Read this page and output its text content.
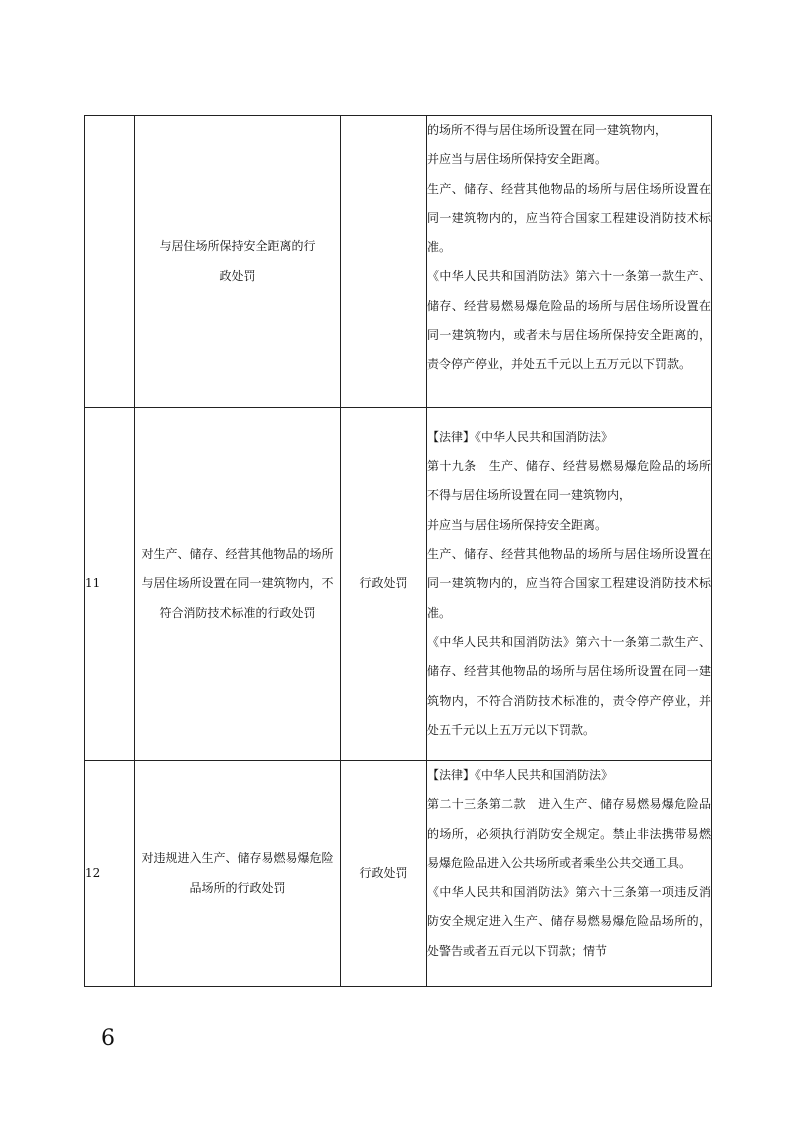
	与居住场所保持安全距离的行政处罚		的场所不得与居住场所设置在同一建筑物内，

并应当与居住场所保持安全距离。

生产、储存、经营其他物品的场所与居住场所设置在同一建筑物内的，应当符合国家工程建设消防技术标准。

《中华人民共和国消防法》第六十一条第一款生产、储存、经营易燃易爆危险品的场所与居住场所设置在同一建筑物内，或者未与居住场所保持安全距离的，责令停产停业，并处五千元以上五万元以下罚款。

11	对生产、储存、经营其他物品的场所与居住场所设置在同一建筑物内，不符合消防技术标准的行政处罚	行政处罚	【法律】《中华人民共和国消防法》

第十九条　生产、储存、经营易燃易爆危险品的场所不得与居住场所设置在同一建筑物内，

并应当与居住场所保持安全距离。

生产、储存、经营其他物品的场所与居住场所设置在同一建筑物内的，应当符合国家工程建设消防技术标准。

《中华人民共和国消防法》第六十一条第二款生产、储存、经营其他物品的场所与居住场所设置在同一建筑物内，不符合消防技术标准的，责令停产停业，并处五千元以上五万元以下罚款。

12	对违规进入生产、储存易燃易爆危险品场所的行政处罚	行政处罚	【法律】《中华人民共和国消防法》

第二十三条第二款　进入生产、储存易燃易爆危险品的场所，必须执行消防安全规定。禁止非法携带易燃易爆危险品进入公共场所或者乘坐公共交通工具。

《中华人民共和国消防法》第六十三条第一项违反消防安全规定进入生产、储存易燃易爆危险品场所的，处警告或者五百元以下罚款；情节

6
